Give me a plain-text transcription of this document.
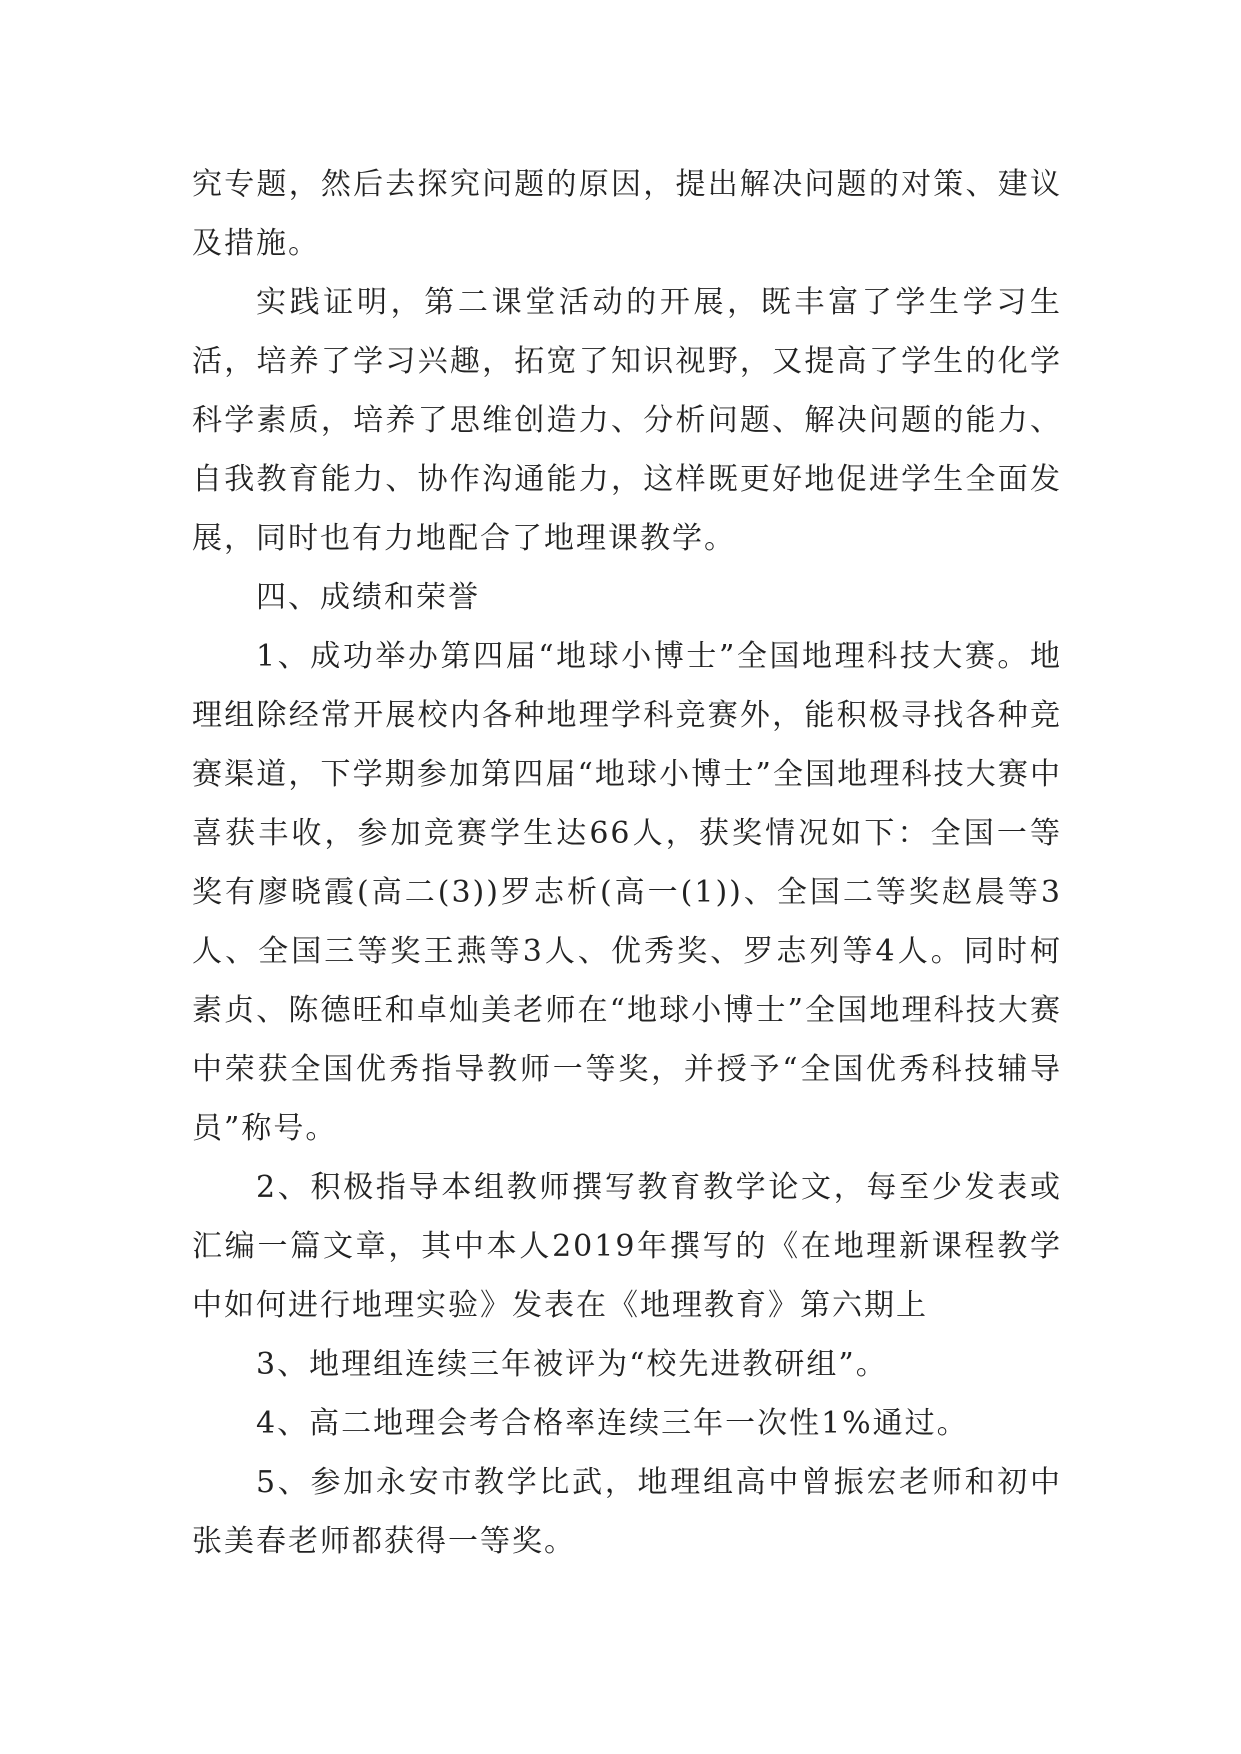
究专题，然后去探究问题的原因，提出解决问题的对策、建议及措施。

实践证明，第二课堂活动的开展，既丰富了学生学习生活，培养了学习兴趣，拓宽了知识视野，又提高了学生的化学科学素质，培养了思维创造力、分析问题、解决问题的能力、自我教育能力、协作沟通能力，这样既更好地促进学生全面发展，同时也有力地配合了地理课教学。

四、成绩和荣誉

1、成功举办第四届“地球小博士”全国地理科技大赛。地理组除经常开展校内各种地理学科竞赛外，能积极寻找各种竞赛渠道，下学期参加第四届“地球小博士”全国地理科技大赛中喜获丰收，参加竞赛学生达66人，获奖情况如下：全国一等奖有廖晓霞(高二(3))罗志析(高一(1))、全国二等奖赵晨等3人、全国三等奖王燕等3人、优秀奖、罗志列等4人。同时柯素贞、陈德旺和卓灿美老师在“地球小博士”全国地理科技大赛中荣获全国优秀指导教师一等奖，并授予“全国优秀科技辅导员”称号。

2、积极指导本组教师撰写教育教学论文，每至少发表或汇编一篇文章，其中本人2019年撰写的《在地理新课程教学中如何进行地理实验》发表在《地理教育》第六期上

3、地理组连续三年被评为“校先进教研组”。

4、高二地理会考合格率连续三年一次性1%通过。

5、参加永安市教学比武，地理组高中曾振宏老师和初中张美春老师都获得一等奖。
